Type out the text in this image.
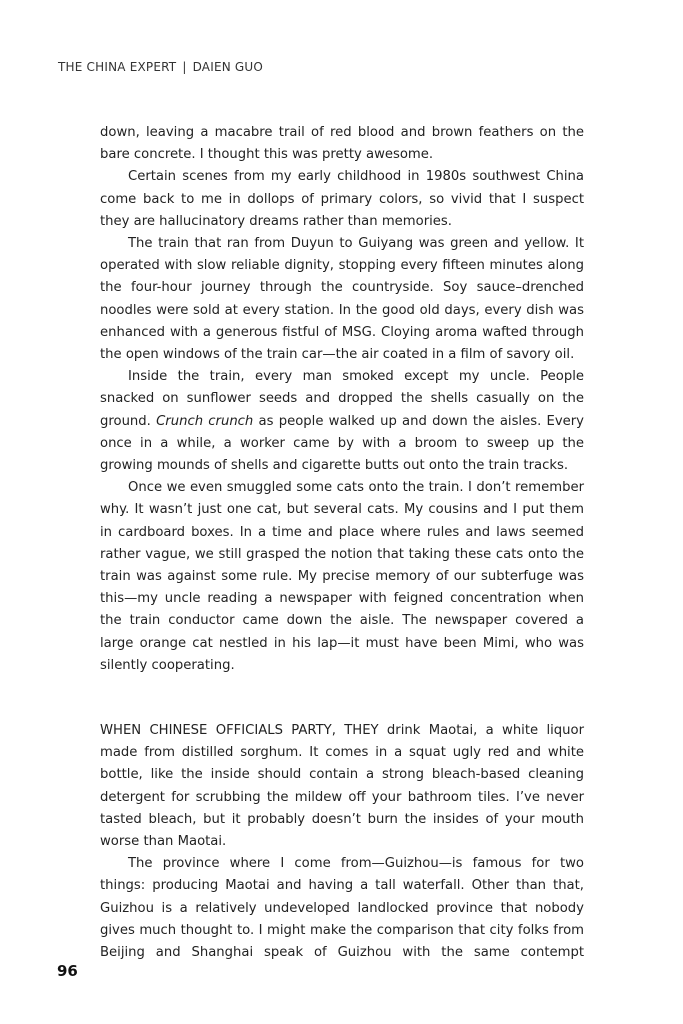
THE CHINA EXPERT | DAIEN GUO

down, leaving a macabre trail of red blood and brown feathers on the bare concrete. I thought this was pretty awesome.

Certain scenes from my early childhood in 1980s southwest China come back to me in dollops of primary colors, so vivid that I suspect they are hallucinatory dreams rather than memories.

The train that ran from Duyun to Guiyang was green and yellow. It operated with slow reliable dignity, stopping every fifteen minutes along the four-hour journey through the countryside. Soy sauce–drenched noodles were sold at every station. In the good old days, every dish was enhanced with a generous fistful of MSG. Cloying aroma wafted through the open windows of the train car—the air coated in a film of savory oil.

Inside the train, every man smoked except my uncle. People snacked on sunflower seeds and dropped the shells casually on the ground. Crunch crunch as people walked up and down the aisles. Every once in a while, a worker came by with a broom to sweep up the growing mounds of shells and cigarette butts out onto the train tracks.

Once we even smuggled some cats onto the train. I don’t remember why. It wasn’t just one cat, but several cats. My cousins and I put them in cardboard boxes. In a time and place where rules and laws seemed rather vague, we still grasped the notion that taking these cats onto the train was against some rule. My precise memory of our subterfuge was this—my uncle reading a newspaper with feigned concentration when the train conductor came down the aisle. The newspaper covered a large orange cat nestled in his lap—it must have been Mimi, who was silently cooperating.

WHEN CHINESE OFFICIALS PARTY, THEY drink Maotai, a white liquor made from distilled sorghum. It comes in a squat ugly red and white bottle, like the inside should contain a strong bleach-based cleaning detergent for scrubbing the mildew off your bathroom tiles. I’ve never tasted bleach, but it probably doesn’t burn the insides of your mouth worse than Maotai.

The province where I come from—Guizhou—is famous for two things: producing Maotai and having a tall waterfall. Other than that, Guizhou is a relatively undeveloped landlocked province that nobody gives much thought to. I might make the comparison that city folks from Beijing and Shanghai speak of Guizhou with the same contempt

96
